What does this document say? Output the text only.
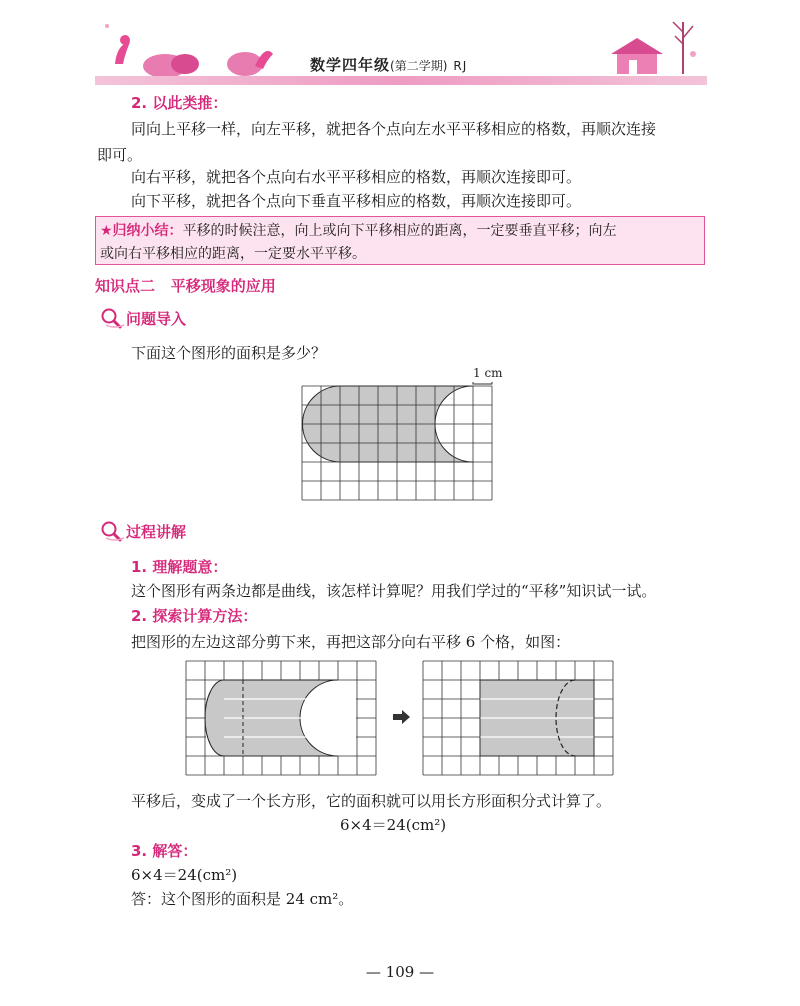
数学四年级(第二学期) RJ
2. 以此类推：
同向上平移一样，向左平移，就把各个点向左水平平移相应的格数，再顺次连接
即可。
向右平移，就把各个点向右水平平移相应的格数，再顺次连接即可。
向下平移，就把各个点向下垂直平移相应的格数，再顺次连接即可。
★归纳小结：平移的时候注意，向上或向下平移相应的距离，一定要垂直平移；向左
或向右平移相应的距离，一定要水平平移。
知识点二 平移现象的应用
问题导入
下面这个图形的面积是多少？
1 cm
过程讲解
1. 理解题意：
这个图形有两条边都是曲线，该怎样计算呢？用我们学过的“平移”知识试一试。
2. 探索计算方法：
把图形的左边这部分剪下来，再把这部分向右平移 6 个格，如图：
平移后，变成了一个长方形，它的面积就可以用长方形面积分式计算了。
6×4＝24(cm²)
3. 解答：
6×4＝24(cm²)
答：这个图形的面积是 24 cm²。
— 109 —
